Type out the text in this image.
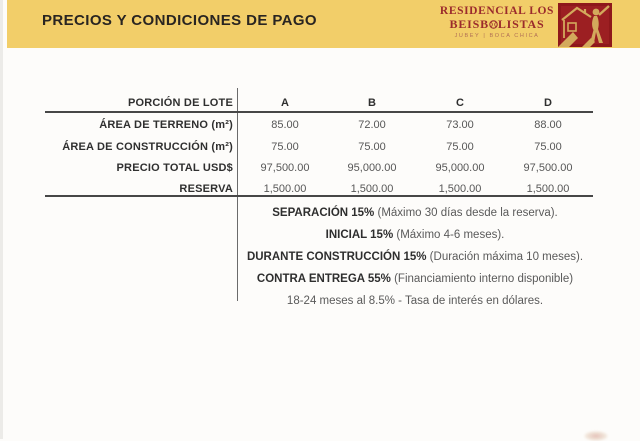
PRECIOS Y CONDICIONES DE PAGO
RESIDENCIAL LOS
BEISB LISTAS
JUBEY | BOCA CHICA
PORCIÓN DE LOTE	A	B	C	D
ÁREA DE TERRENO (m²)	85.00	72.00	73.00	88.00
ÁREA DE CONSTRUCCIÓN (m²)	75.00	75.00	75.00	75.00
PRECIO TOTAL USD$	97,500.00	95,000.00	95,000.00	97,500.00
RESERVA	1,500.00	1,500.00	1,500.00	1,500.00
SEPARACIÓN 15% (Máximo 30 días desde la reserva).
INICIAL 15% (Máximo 4-6 meses).
DURANTE CONSTRUCCIÓN 15% (Duración máxima 10 meses).
CONTRA ENTREGA 55% (Financiamiento interno disponible)
18-24 meses al 8.5% - Tasa de interés en dólares.
